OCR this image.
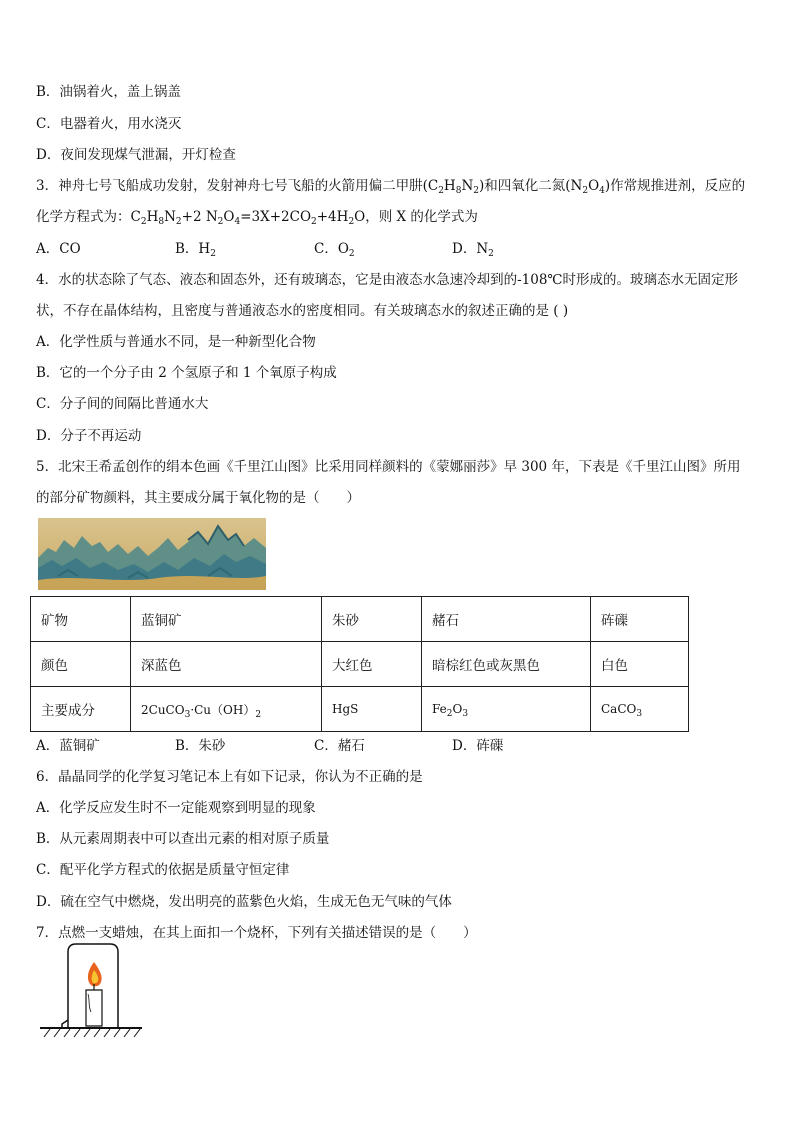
B．油锅着火，盖上锅盖
C．电器着火，用水浇灭
D．夜间发现煤气泄漏，开灯检查
3．神舟七号飞船成功发射，发射神舟七号飞船的火箭用偏二甲肼$(C_2H_8N_2)$和四氧化二氮$(N_2O_4)$作常规推进剂，反应的
化学方程式为：$C_2H_8N_2+2$ $N_2O_4=3X+2CO_2+4H_2O$，则 X 的化学式为
A．CO	B．$H_2$	C．$O_2$	D．$N_2$
4．水的状态除了气态、液态和固态外，还有玻璃态，它是由液态水急速冷却到的-108℃时形成的。玻璃态水无固定形
状，不存在晶体结构，且密度与普通液态水的密度相同。有关玻璃态水的叙述正确的是 ( )
A．化学性质与普通水不同，是一种新型化合物
B．它的一个分子由 2 个氢原子和 1 个氧原子构成
C．分子间的间隔比普通水大
D．分子不再运动
5．北宋王希孟创作的绢本色画《千里江山图》比采用同样颜料的《蒙娜丽莎》早 300 年，下表是《千里江山图》所用
的部分矿物颜料，其主要成分属于氧化物的是（　　）
矿物	蓝铜矿	朱砂	赭石	砗磲
颜色	深蓝色	大红色	暗棕红色或灰黑色	白色
主要成分	$2CuCO_3\cdot Cu(OH)_2$	HgS	$Fe_2O_3$	CaCO$_3$
A．蓝铜矿	B．朱砂	C．赭石	D．砗磲
6．晶晶同学的化学复习笔记本上有如下记录，你认为不正确的是
A．化学反应发生时不一定能观察到明显的现象
B．从元素周期表中可以查出元素的相对原子质量
C．配平化学方程式的依据是质量守恒定律
D．硫在空气中燃烧，发出明亮的蓝紫色火焰，生成无色无气味的气体
7．点燃一支蜡烛，在其上面扣一个烧杯，下列有关描述错误的是（　　）
